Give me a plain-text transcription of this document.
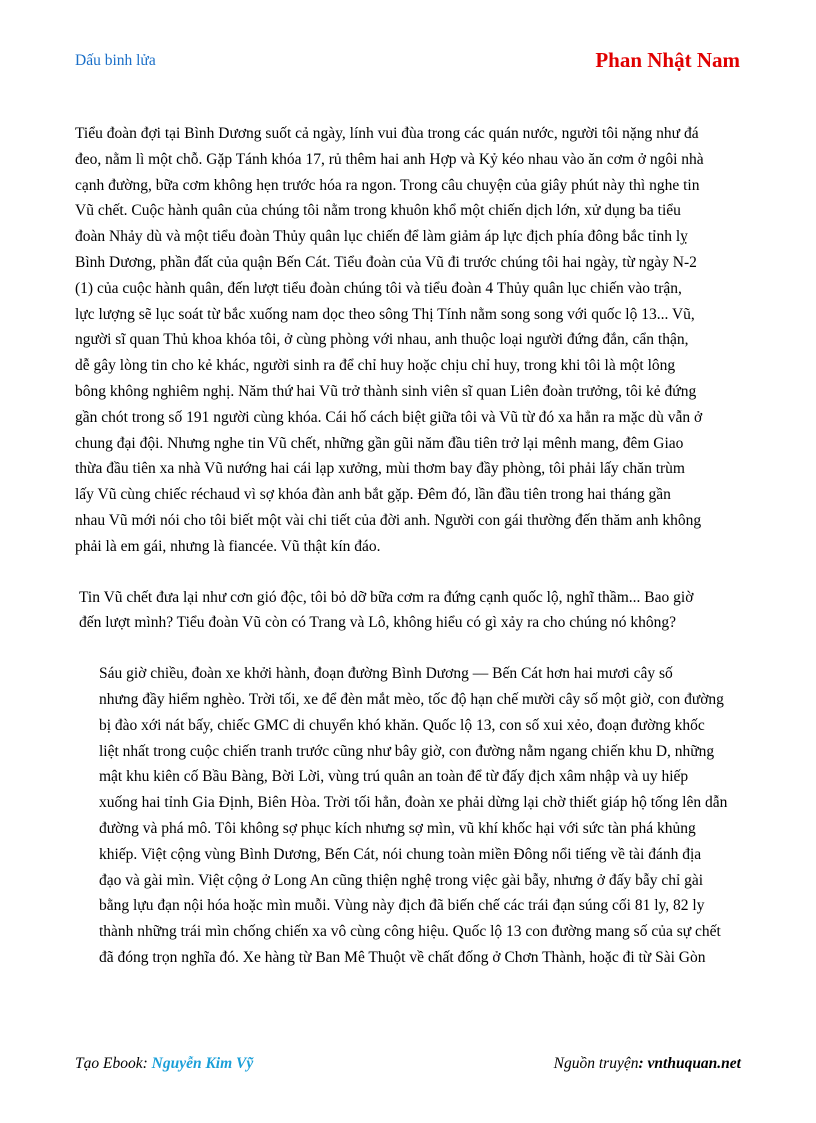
Dấu binh lửa	Phan Nhật Nam

Tiểu đoàn đợi tại Bình Dương suốt cả ngày, lính vui đùa trong các quán nước, người tôi nặng như đá
đeo, nằm lì một chỗ. Gặp Tánh khóa 17, rủ thêm hai anh Hợp và Kỷ kéo nhau vào ăn cơm ở ngôi nhà
cạnh đường, bữa cơm không hẹn trước hóa ra ngon. Trong câu chuyện của giây phút này thì nghe tin
Vũ chết. Cuộc hành quân của chúng tôi nằm trong khuôn khổ một chiến dịch lớn, xử dụng ba tiểu
đoàn Nhảy dù và một tiểu đoàn Thủy quân lục chiến để làm giảm áp lực địch phía đông bắc tỉnh lỵ
Bình Dương, phần đất của quận Bến Cát. Tiểu đoàn của Vũ đi trước chúng tôi hai ngày, từ ngày N-2
(1) của cuộc hành quân, đến lượt tiểu đoàn chúng tôi và tiểu đoàn 4 Thủy quân lục chiến vào trận,
lực lượng sẽ lục soát từ bắc xuống nam dọc theo sông Thị Tính nằm song song với quốc lộ 13... Vũ,
người sĩ quan Thủ khoa khóa tôi, ở cùng phòng với nhau, anh thuộc loại người đứng đắn, cẩn thận,
dễ gây lòng tin cho kẻ khác, người sinh ra để chỉ huy hoặc chịu chỉ huy, trong khi tôi là một lông
bông không nghiêm nghị. Năm thứ hai Vũ trở thành sinh viên sĩ quan Liên đoàn trưởng, tôi kẻ đứng
gần chót trong số 191 người cùng khóa. Cái hố cách biệt giữa tôi và Vũ từ đó xa hẳn ra mặc dù vẫn ở
chung đại đội. Nhưng nghe tin Vũ chết, những gần gũi năm đầu tiên trở lại mênh mang, đêm Giao
thừa đầu tiên xa nhà Vũ nướng hai cái lạp xưởng, mùi thơm bay đầy phòng, tôi phải lấy chăn trùm
lấy Vũ cùng chiếc réchaud vì sợ khóa đàn anh bắt gặp. Đêm đó, lần đầu tiên trong hai tháng gần
nhau Vũ mới nói cho tôi biết một vài chi tiết của đời anh. Người con gái thường đến thăm anh không
phải là em gái, nhưng là fiancée. Vũ thật kín đáo.

Tin Vũ chết đưa lại như cơn gió độc, tôi bỏ dỡ bữa cơm ra đứng cạnh quốc lộ, nghĩ thầm... Bao giờ
đến lượt mình? Tiểu đoàn Vũ còn có Trang và Lô, không hiểu có gì xảy ra cho chúng nó không?

Sáu giờ chiều, đoàn xe khởi hành, đoạn đường Bình Dương — Bến Cát hơn hai mươi cây số
nhưng đầy hiểm nghèo. Trời tối, xe để đèn mắt mèo, tốc độ hạn chế mười cây số một giờ, con đường
bị đào xới nát bấy, chiếc GMC di chuyển khó khăn. Quốc lộ 13, con số xui xẻo, đoạn đường khốc
liệt nhất trong cuộc chiến tranh trước cũng như bây giờ, con đường nằm ngang chiến khu D, những
mật khu kiên cố Bầu Bàng, Bời Lời, vùng trú quân an toàn để từ đấy địch xâm nhập và uy hiếp
xuống hai tỉnh Gia Định, Biên Hòa. Trời tối hẳn, đoàn xe phải dừng lại chờ thiết giáp hộ tống lên dẫn
đường và phá mô. Tôi không sợ phục kích nhưng sợ mìn, vũ khí khốc hại với sức tàn phá khủng
khiếp. Việt cộng vùng Bình Dương, Bến Cát, nói chung toàn miền Đông nổi tiếng về tài đánh địa
đạo và gài mìn. Việt cộng ở Long An cũng thiện nghệ trong việc gài bẫy, nhưng ở đấy bẫy chỉ gài
bằng lựu đạn nội hóa hoặc mìn muỗi. Vùng này địch đã biến chế các trái đạn súng cối 81 ly, 82 ly
thành những trái mìn chống chiến xa vô cùng công hiệu. Quốc lộ 13 con đường mang số của sự chết
đã đóng trọn nghĩa đó. Xe hàng từ Ban Mê Thuột về chất đống ở Chơn Thành, hoặc đi từ Sài Gòn

Tạo Ebook: Nguyễn Kim Vỹ	Nguồn truyện: vnthuquan.net
